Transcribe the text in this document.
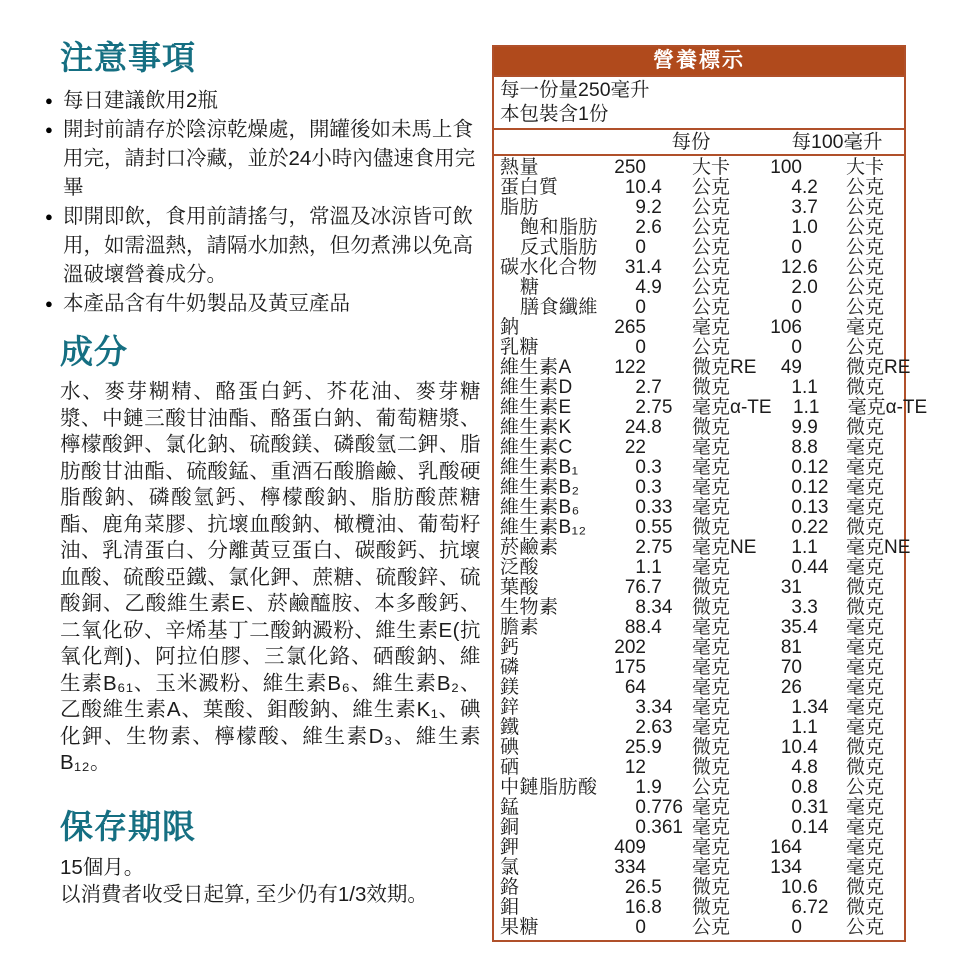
注意事項
● 每日建議飲用2瓶
● 開封前請存於陰涼乾燥處，開罐後如未馬上食用完，請封口冷藏，並於24小時內儘速食用完畢
● 即開即飲，食用前請搖勻，常溫及冰涼皆可飲用，如需溫熱，請隔水加熱，但勿煮沸以免高溫破壞營養成分。
● 本產品含有牛奶製品及黃豆產品
成分

水、麥芽糊精、酪蛋白鈣、芥花油、麥芽糖漿、中鏈三酸甘油酯、酪蛋白鈉、葡萄糖漿、檸檬酸鉀、氯化鈉、硫酸鎂、磷酸氫二鉀、脂肪酸甘油酯、硫酸錳、重酒石酸膽鹼、乳酸硬脂酸鈉、磷酸氫鈣、檸檬酸鈉、脂肪酸蔗糖酯、鹿角菜膠、抗壞血酸鈉、橄欖油、葡萄籽油、乳清蛋白、分離黃豆蛋白、碳酸鈣、抗壞血酸、硫酸亞鐵、氯化鉀、蔗糖、硫酸鋅、硫酸銅、乙酸維生素E、菸鹼醯胺、本多酸鈣、二氧化矽、辛烯基丁二酸鈉澱粉、維生素E(抗氧化劑)、阿拉伯膠、三氯化鉻、硒酸鈉、維生素B₆₁、玉米澱粉、維生素B₆、維生素B₂、乙酸維生素A、葉酸、鉬酸鈉、維生素K₁、碘化鉀、生物素、檸檬酸、維生素D₃、維生素B₁₂。

保存期限
15個月。
以消費者收受日起算, 至少仍有1/3效期。
營養標示
每一份量250毫升
本包裝含1份
每份	每100毫升
熱量	250 大卡	100 大卡
蛋白質	10 .4	公克	4 .2	公克
脂肪	9 .2	公克	3 .7	公克
飽和脂肪	2 .6	公克	1 .0	公克
反式脂肪	0 公克	0 公克
碳水化合物	31 .4	公克	12 .6	公克
糖	4 .9	公克	2 .0	公克
膳食纖維	0 公克	0 公克
鈉	265 毫克	106 毫克
乳糖	0 公克	0 公克
維生素A	122 微克RE	49 微克RE
維生素D	2 .7	微克	1 .1	微克
維生素E	2 .75	毫克α-TE	1 .1	毫克α-TE
維生素K	24 .8	微克	9 .9	微克
維生素C	22 毫克	8 .8	毫克
維生素B₁	0 .3	毫克	0 .12 毫克
維生素B₂	0 .3	毫克	0 .12 毫克
維生素B₆	0 .33	毫克	0 .13 毫克
維生素B₁₂	0 .55	微克	0 .22 微克
菸鹼素	2 .75	毫克NE	1 .1	毫克NE
泛酸	1 .1	毫克	0 .44 毫克
葉酸	76 .7	微克	31 微克
生物素	8 .34	微克	3 .3	微克
膽素	88 .4	毫克	35 .4	毫克
鈣	202 毫克	81 毫克
磷	175 毫克	70 毫克
鎂	64 毫克	26 毫克
鋅	3 .34	毫克	1 .34 毫克
鐵	2 .63	毫克	1 .1	毫克
碘	25 .9	微克	10 .4	微克
硒	12 微克	4 .8	微克
中鏈脂肪酸	1 .9	公克	0 .8	公克
錳	0 .776 毫克	0 .31 毫克
銅	0 .361 毫克	0 .14 毫克
鉀	409 毫克	164 毫克
氯	334 毫克	134 毫克
鉻	26 .5	微克	10 .6	微克
鉬	16 .8	微克	6 .72 微克
果糖	0 公克	0 公克
